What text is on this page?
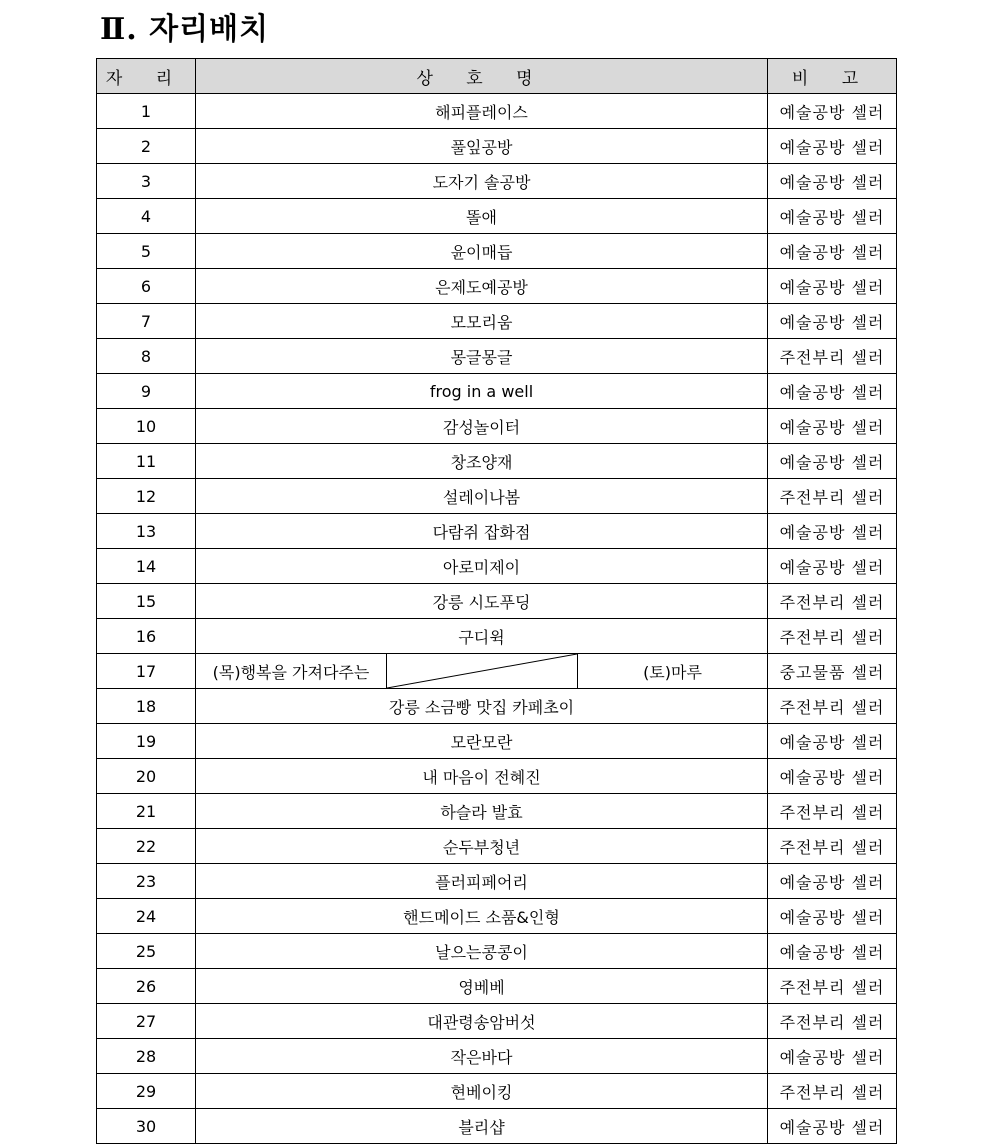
Ⅱ. 자리배치
자 리	상 호 명	비 고
1	해피플레이스	예술공방 셀러
2	풀잎공방	예술공방 셀러
3	도자기 솔공방	예술공방 셀러
4	똘애	예술공방 셀러
5	윤이매듭	예술공방 셀러
6	은제도예공방	예술공방 셀러
7	모모리움	예술공방 셀러
8	몽글몽글	주전부리 셀러
9	frog in a well	예술공방 셀러
10	감성놀이터	예술공방 셀러
11	창조양재	예술공방 셀러
12	설레이나봄	주전부리 셀러
13	다람쥐 잡화점	예술공방 셀러
14	아로미제이	예술공방 셀러
15	강릉 시도푸딩	주전부리 셀러
16	구디윅	주전부리 셀러
17	(목)행복을 가져다주는 (토)마루	중고물품 셀러
18	강릉 소금빵 맛집 카페초이	주전부리 셀러
19	모란모란	예술공방 셀러
20	내 마음이 전혜진	예술공방 셀러
21	하슬라 발효	주전부리 셀러
22	순두부청년	주전부리 셀러
23	플러피페어리	예술공방 셀러
24	핸드메이드 소품&인형	예술공방 셀러
25	날으는콩콩이	예술공방 셀러
26	영베베	주전부리 셀러
27	대관령송암버섯	주전부리 셀러
28	작은바다	예술공방 셀러
29	현베이킹	주전부리 셀러
30	블리샵	예술공방 셀러
